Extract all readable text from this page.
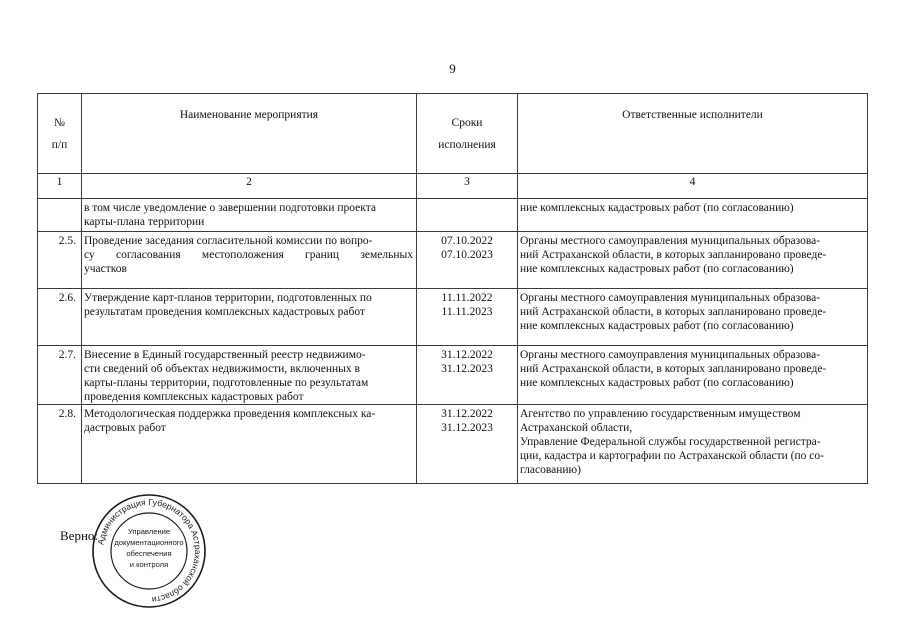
9
№
п/п	Наименование мероприятия	Сроки
исполнения	Ответственные исполнители
1	2	3	4

	в том числе уведомление о завершении подготовки проекта
карты-плана территории		ние комплексных кадастровых работ (по согласованию)

2.5.	Проведение заседания согласительной комиссии по вопро-
су согласования местоположения границ земельных
участков	07.10.2022
07.10.2023	Органы местного самоуправления муниципальных образова-
ний Астраханской области, в которых запланировано проведе-
ние комплексных кадастровых работ (по согласованию)

2.6.	Утверждение карт-планов территории, подготовленных по
результатам проведения комплексных кадастровых работ	11.11.2022
11.11.2023	Органы местного самоуправления муниципальных образова-
ний Астраханской области, в которых запланировано проведе-
ние комплексных кадастровых работ (по согласованию)

2.7.	Внесение в Единый государственный реестр недвижимо-
сти сведений об объектах недвижимости, включенных в
карты-планы территории, подготовленные по результатам
проведения комплексных кадастровых работ	31.12.2022
31.12.2023	Органы местного самоуправления муниципальных образова-
ний Астраханской области, в которых запланировано проведе-
ние комплексных кадастровых работ (по согласованию)

2.8.	Методологическая поддержка проведения комплексных ка-
дастровых работ	31.12.2022
31.12.2023	Агентство по управлению государственным имуществом
Астраханской области,
Управление Федеральной службы государственной регистра-
ции, кадастра и картографии по Астраханской области (по со-
гласованию)
Верно:
Администрация Губернатора Астраханской области
Управление
документационного
обеспечения
и контроля
